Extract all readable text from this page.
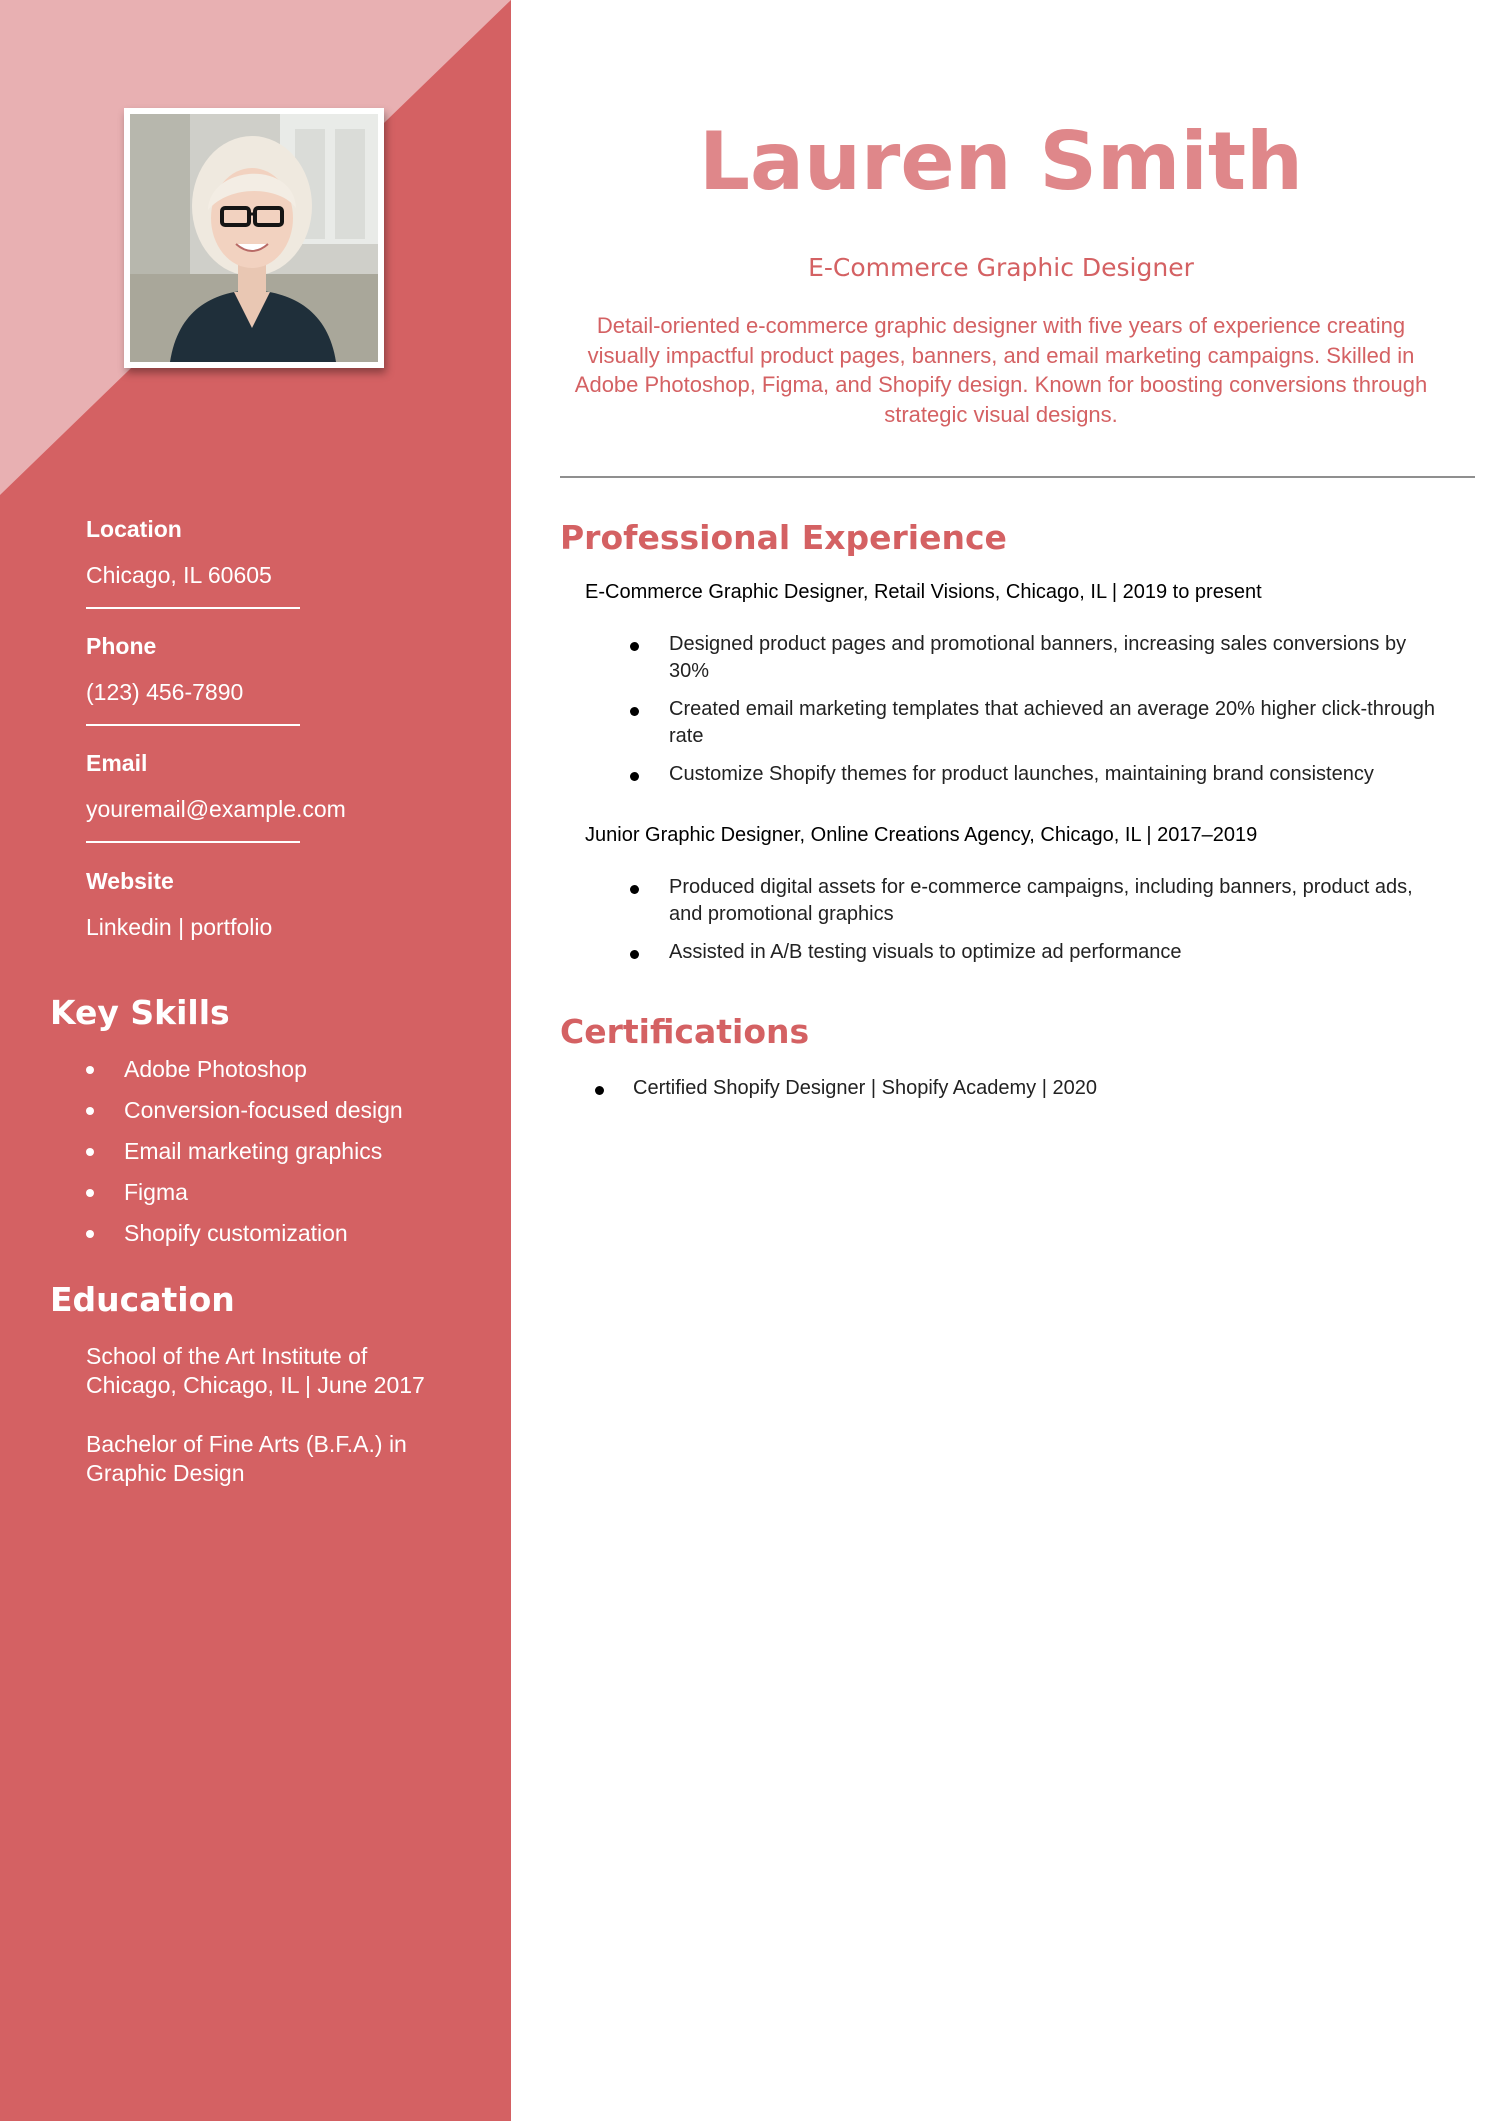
Location
Chicago, IL 60605
Phone
(123) 456-7890
Email
youremail@example.com
Website
Linkedin | portfolio
Key Skills
Adobe Photoshop
Conversion-focused design
Email marketing graphics
Figma
Shopify customization
Education

School of the Art Institute of Chicago, Chicago, IL | June 2017

Bachelor of Fine Arts (B.F.A.) in Graphic Design

Lauren Smith
E-Commerce Graphic Designer

Detail-oriented e-commerce graphic designer with five years of experience creating visually impactful product pages, banners, and email marketing campaigns. Skilled in Adobe Photoshop, Figma, and Shopify design. Known for boosting conversions through strategic visual designs.

Professional Experience
E-Commerce Graphic Designer, Retail Visions, Chicago, IL | 2019 to present
Designed product pages and promotional banners, increasing sales conversions by 30%
Created email marketing templates that achieved an average 20% higher click-through rate
Customize Shopify themes for product launches, maintaining brand consistency
Junior Graphic Designer, Online Creations Agency, Chicago, IL | 2017–2019
Produced digital assets for e-commerce campaigns, including banners, product ads, and promotional graphics
Assisted in A/B testing visuals to optimize ad performance
Certifications
Certified Shopify Designer | Shopify Academy | 2020
